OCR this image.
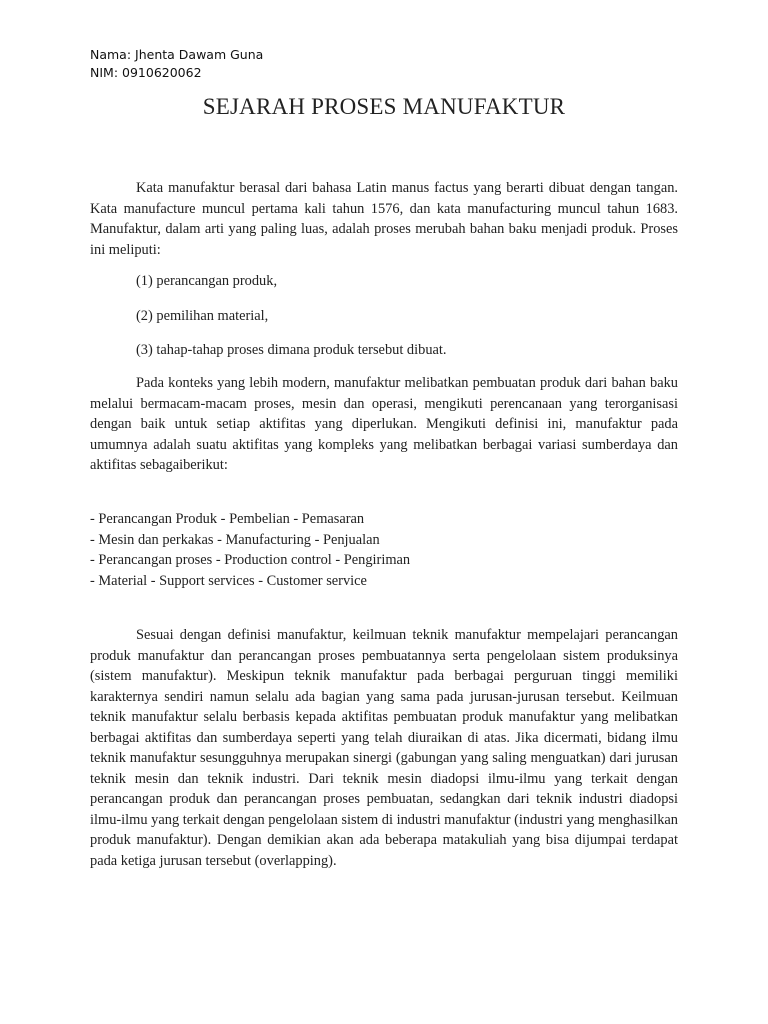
Nama: Jhenta Dawam Guna
NIM: 0910620062
SEJARAH PROSES MANUFAKTUR
Kata manufaktur berasal dari bahasa Latin manus factus yang berarti dibuat dengan tangan. Kata manufacture muncul pertama kali tahun 1576, dan kata manufacturing muncul tahun 1683. Manufaktur, dalam arti yang paling luas, adalah proses merubah bahan baku menjadi produk. Proses ini meliputi:
(1) perancangan produk,
(2) pemilihan material,
(3) tahap-tahap proses dimana produk tersebut dibuat.
Pada konteks yang lebih modern, manufaktur melibatkan pembuatan produk dari bahan baku melalui bermacam-macam proses, mesin dan operasi, mengikuti perencanaan yang terorganisasi dengan baik untuk setiap aktifitas yang diperlukan. Mengikuti definisi ini, manufaktur pada umumnya adalah suatu aktifitas yang kompleks yang melibatkan berbagai variasi sumberdaya dan aktifitas sebagaiberikut:
- Perancangan Produk - Pembelian - Pemasaran
- Mesin dan perkakas - Manufacturing - Penjualan
- Perancangan proses - Production control - Pengiriman
- Material - Support services - Customer service
Sesuai dengan definisi manufaktur, keilmuan teknik manufaktur mempelajari perancangan produk manufaktur dan perancangan proses pembuatannya serta pengelolaan sistem produksinya (sistem manufaktur). Meskipun teknik manufaktur pada berbagai perguruan tinggi memiliki karakternya sendiri namun selalu ada bagian yang sama pada jurusan-jurusan tersebut. Keilmuan teknik manufaktur selalu berbasis kepada aktifitas pembuatan produk manufaktur yang melibatkan berbagai aktifitas dan sumberdaya seperti yang telah diuraikan di atas. Jika dicermati, bidang ilmu teknik manufaktur sesungguhnya merupakan sinergi (gabungan yang saling menguatkan) dari jurusan teknik mesin dan teknik industri. Dari teknik mesin diadopsi ilmu-ilmu yang terkait dengan perancangan produk dan perancangan proses pembuatan, sedangkan dari teknik industri diadopsi ilmu-ilmu yang terkait dengan pengelolaan sistem di industri manufaktur (industri yang menghasilkan produk manufaktur). Dengan demikian akan ada beberapa matakuliah yang bisa dijumpai terdapat pada ketiga jurusan tersebut (overlapping).
